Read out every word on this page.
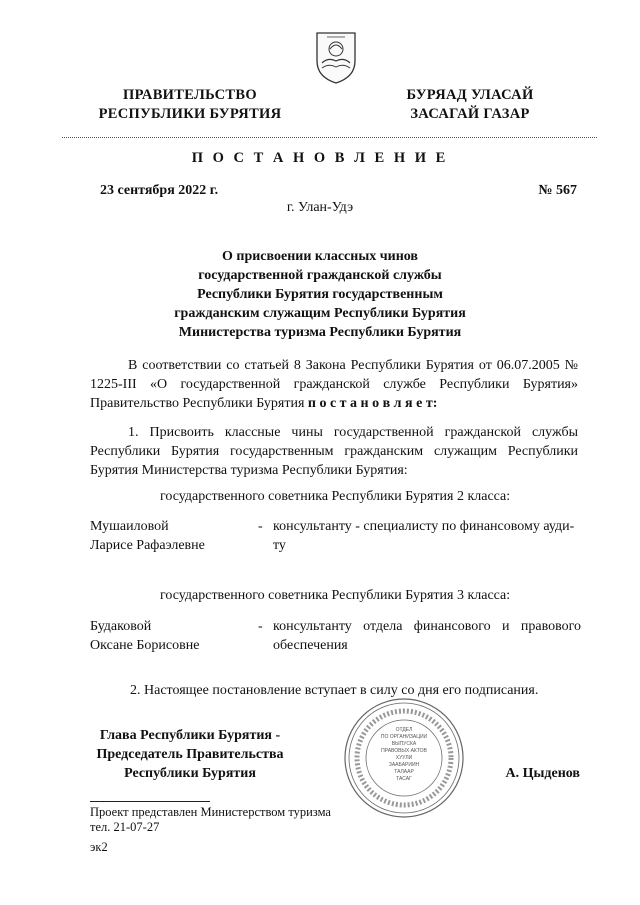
ПРАВИТЕЛЬСТВО
РЕСПУБЛИКИ БУРЯТИЯ
БУРЯАД УЛАСАЙ
ЗАСАГАЙ ГАЗАР
П О С Т А Н О В Л Е Н И Е
23 сентября 2022 г.	№ 567
г. Улан-Удэ
О присвоении классных чинов
государственной гражданской службы
Республики Бурятия государственным
гражданским служащим Республики Бурятия
Министерства туризма Республики Бурятия
В соответствии со статьей 8 Закона Республики Бурятия от 06.07.2005 № 1225-III «О государственной гражданской службе Республики Бурятия» Правительство Республики Бурятия п о с т а н о в л я е т:
1. Присвоить классные чины государственной гражданской службы Республики Бурятия государственным гражданским служащим Республики Бурятия Министерства туризма Республики Бурятия:
государственного советника Республики Бурятия 2 класса:
Мушаиловой
Ларисе Рафаэлевне
- консультанту - специалисту по финансовому ауди-
ту
государственного советника Республики Бурятия 3 класса:
Будаковой
Оксане Борисовне
- консультанту отдела финансового и правового
обеспечения
2. Настоящее постановление вступает в силу со дня его подписания.
Глава Республики Бурятия -
Председатель Правительства
Республики Бурятия
ОТДЕЛ
ПО ОРГАНИЗАЦИИ
ВЫПУСКА
ПРАВОВЫХ АКТОВ
ХУУЛИ
ЗААБАРИИН
ТАЛААР
ТАСАГ	А. Цыденов
Проект представлен Министерством туризма
тел. 21-07-27
эк2
